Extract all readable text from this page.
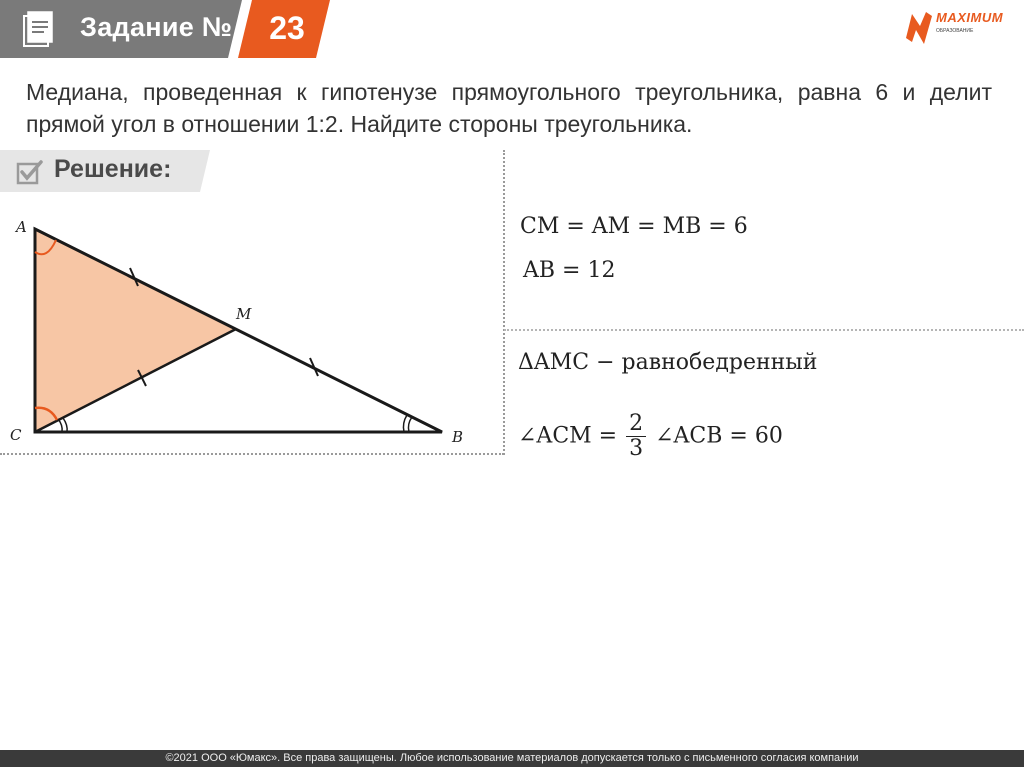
Задание № 23	MAXIMUM
ОБРАЗОВАНИЕ
Медиана, проведенная к гипотенузе прямоугольного треугольника, равна 6 и делит прямой угол в отношении 1:2. Найдите стороны треугольника.
Решение:
A
M
C	B
CM = AM = MB = 6
AB = 12
ΔAMC − равнобедренный
∠ACM = $\frac{2}{3}$ ∠ACB = 60
©2021 ООО «Юмакс». Все права защищены. Любое использование материалов допускается только с письменного согласия компании
